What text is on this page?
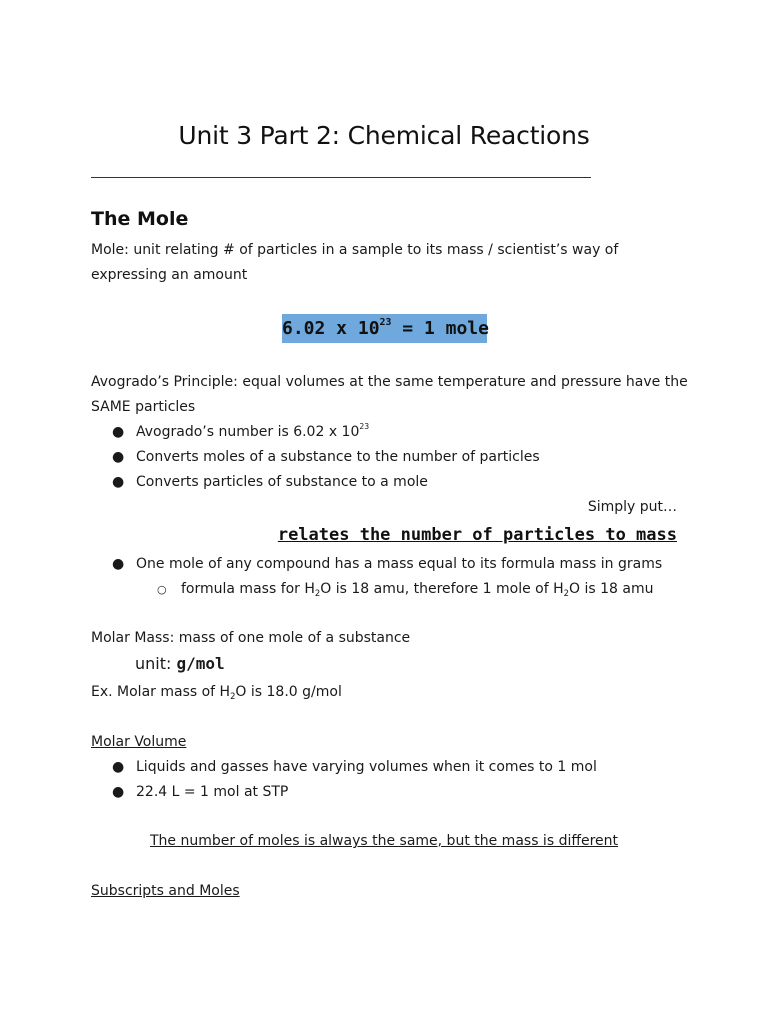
Unit 3 Part 2: Chemical Reactions
The Mole
Mole: unit relating # of particles in a sample to its mass / scientist’s way of
expressing an amount
6.02 x $10^{23} = 1$ mole
Avogrado’s Principle: equal volumes at the same temperature and pressure have the
SAME particles
● Avogrado’s number is 6.02 x $10^{23}$
● Converts moles of a substance to the number of particles
● Converts particles of substance to a mole
Simply put…
relates the number of particles to mass
● One mole of any compound has a mass equal to its formula mass in grams
○ formula mass for $H_2O$ is 18 amu, therefore 1 mole of $H_2O$ is 18 amu
Molar Mass: mass of one mole of a substance
unit: g/mol
Ex. Molar mass of $H_2O$ is 18.0 g/mol
Molar Volume
● Liquids and gasses have varying volumes when it comes to 1 mol
● 22.4 L = 1 mol at STP
The number of moles is always the same, but the mass is different
Subscripts and Moles
